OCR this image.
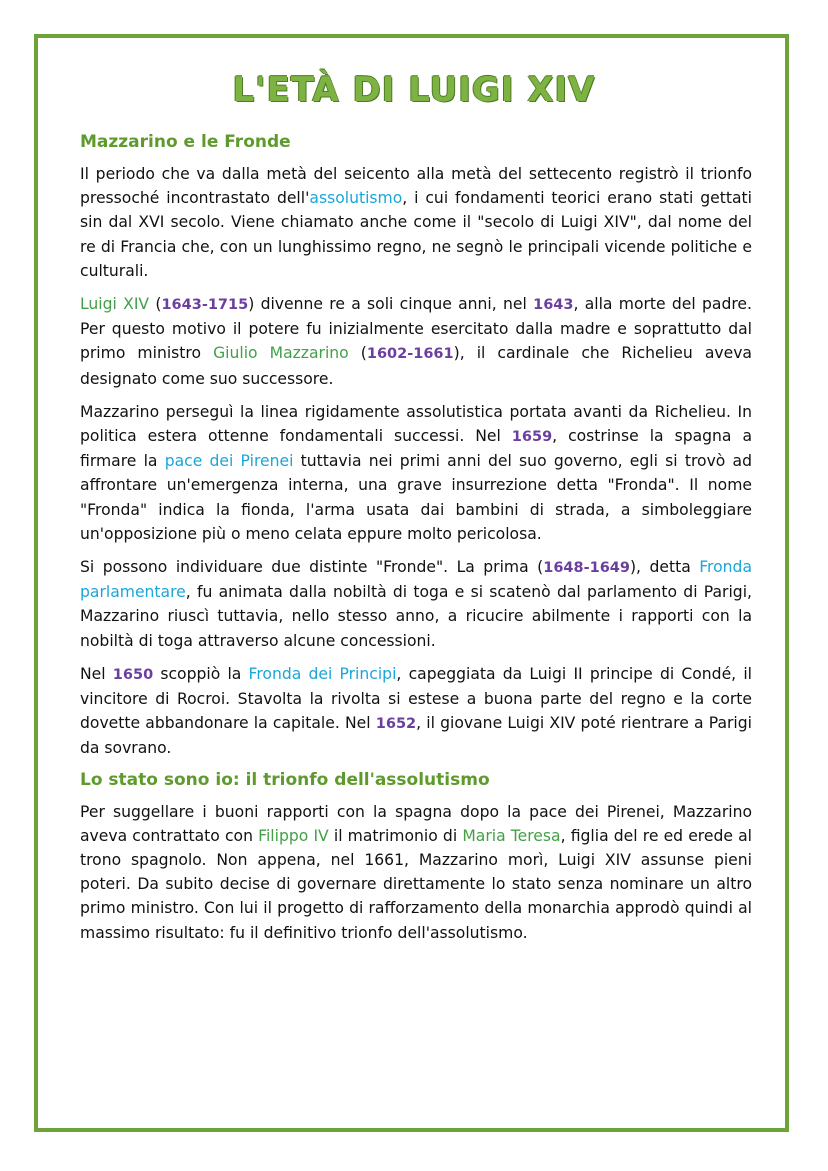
L'ETÀ DI LUIGI XIV
Mazzarino e le Fronde

Il periodo che va dalla metà del seicento alla metà del settecento registrò il trionfo pressoché incontrastato dell'assolutismo, i cui fondamenti teorici erano stati gettati sin dal XVI secolo. Viene chiamato anche come il "secolo di Luigi XIV", dal nome del re di Francia che, con un lunghissimo regno, ne segnò le principali vicende politiche e culturali.

Luigi XIV (1643-1715) divenne re a soli cinque anni, nel 1643, alla morte del padre. Per questo motivo il potere fu inizialmente esercitato dalla madre e soprattutto dal primo ministro Giulio Mazzarino (1602-1661), il cardinale che Richelieu aveva designato come suo successore.

Mazzarino perseguì la linea rigidamente assolutistica portata avanti da Richelieu. In politica estera ottenne fondamentali successi. Nel 1659, costrinse la spagna a firmare la pace dei Pirenei tuttavia nei primi anni del suo governo, egli si trovò ad affrontare un'emergenza interna, una grave insurrezione detta "Fronda". Il nome "Fronda" indica la fionda, l'arma usata dai bambini di strada, a simboleggiare un'opposizione più o meno celata eppure molto pericolosa.

Si possono individuare due distinte "Fronde". La prima (1648-1649), detta Fronda parlamentare, fu animata dalla nobiltà di toga e si scatenò dal parlamento di Parigi, Mazzarino riuscì tuttavia, nello stesso anno, a ricucire abilmente i rapporti con la nobiltà di toga attraverso alcune concessioni.

Nel 1650 scoppiò la Fronda dei Principi, capeggiata da Luigi II principe di Condé, il vincitore di Rocroi. Stavolta la rivolta si estese a buona parte del regno e la corte dovette abbandonare la capitale. Nel 1652, il giovane Luigi XIV poté rientrare a Parigi da sovrano.

Lo stato sono io: il trionfo dell'assolutismo

Per suggellare i buoni rapporti con la spagna dopo la pace dei Pirenei, Mazzarino aveva contrattato con Filippo IV il matrimonio di Maria Teresa, figlia del re ed erede al trono spagnolo. Non appena, nel 1661, Mazzarino morì, Luigi XIV assunse pieni poteri. Da subito decise di governare direttamente lo stato senza nominare un altro primo ministro. Con lui il progetto di rafforzamento della monarchia approdò quindi al massimo risultato: fu il definitivo trionfo dell'assolutismo.
